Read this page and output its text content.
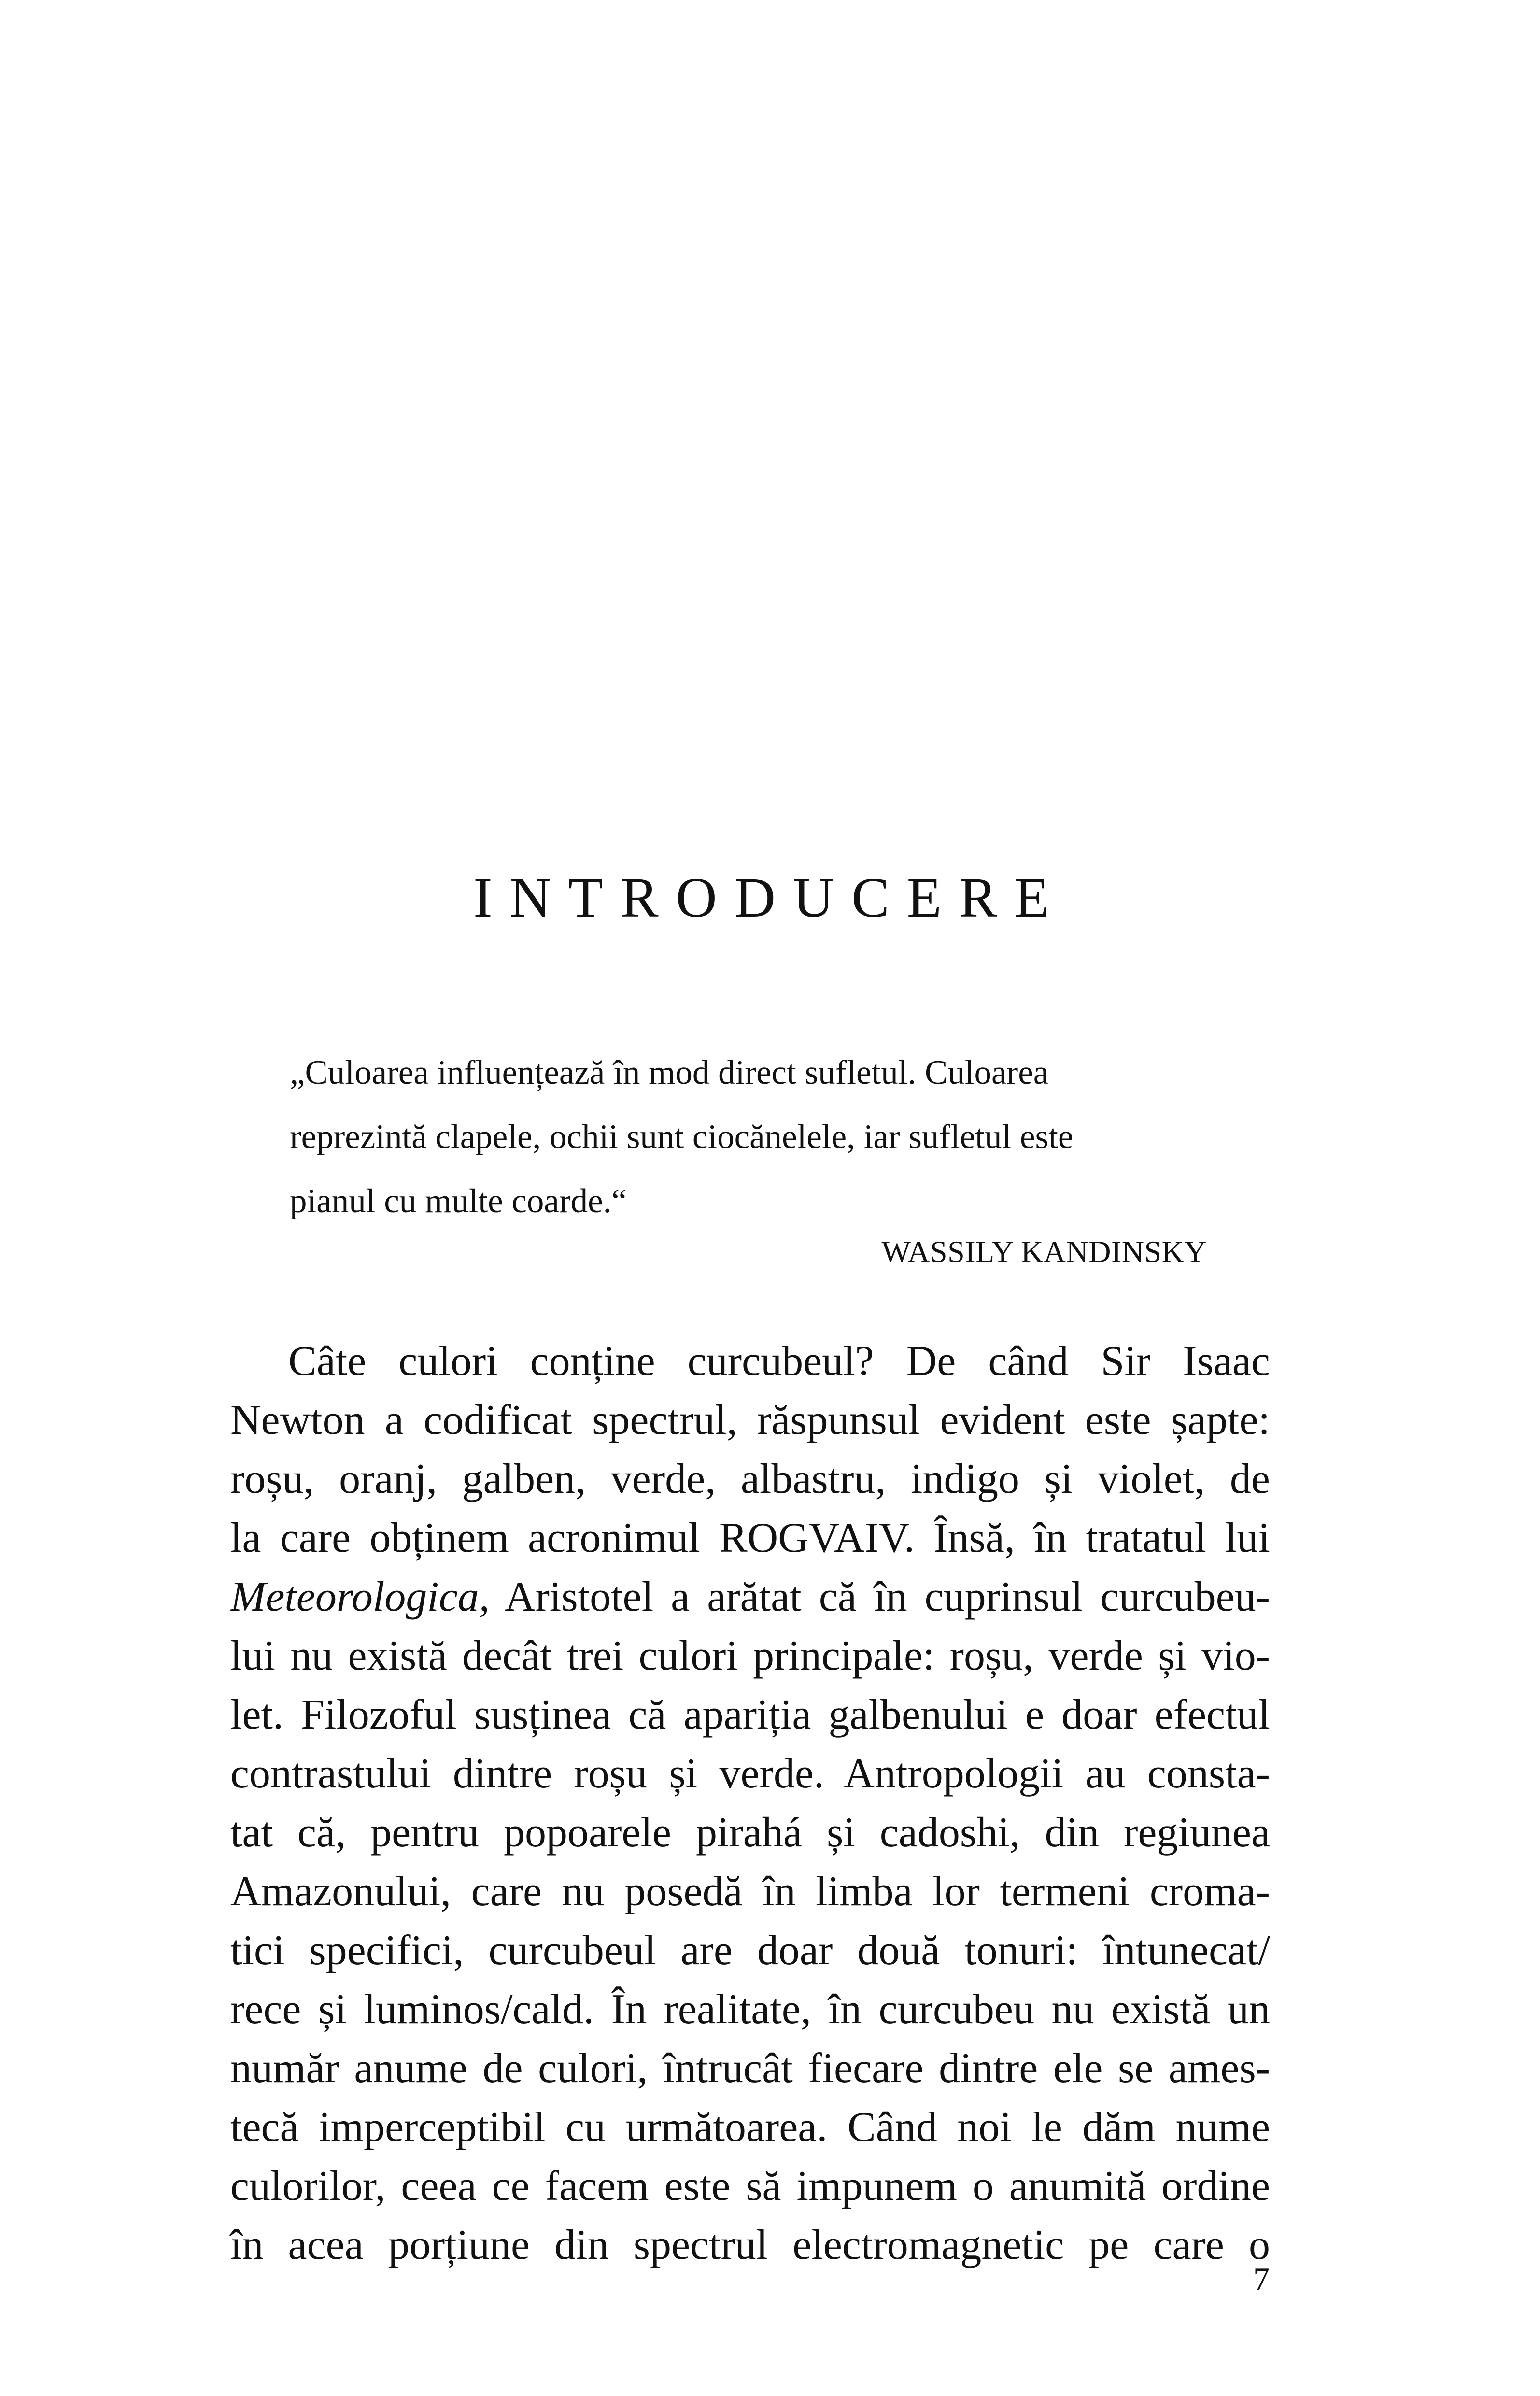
INTRODUCERE
„Culoarea influențează în mod direct sufletul. Culoarea
reprezintă clapele, ochii sunt ciocănelele, iar sufletul este
pianul cu multe coarde.“
WASSILY KANDINSKY
Câte culori conține curcubeul? De când Sir Isaac
Newton a codificat spectrul, răspunsul evident este șapte:
roșu, oranj, galben, verde, albastru, indigo și violet, de
la care obținem acronimul ROGVAIV. Însă, în tratatul lui
Meteorologica, Aristotel a arătat că în cuprinsul curcubeu-
lui nu există decât trei culori principale: roșu, verde și vio-
let. Filozoful susținea că apariția galbenului e doar efectul
contrastului dintre roșu și verde. Antropologii au consta-
tat că, pentru popoarele pirahá și cadoshi, din regiunea
Amazonului, care nu posedă în limba lor termeni croma-
tici specifici, curcubeul are doar două tonuri: întunecat/
rece și luminos/cald. În realitate, în curcubeu nu există un
număr anume de culori, întrucât fiecare dintre ele se ames-
tecă imperceptibil cu următoarea. Când noi le dăm nume
culorilor, ceea ce facem este să impunem o anumită ordine
în acea porțiune din spectrul electromagnetic pe care o
7
